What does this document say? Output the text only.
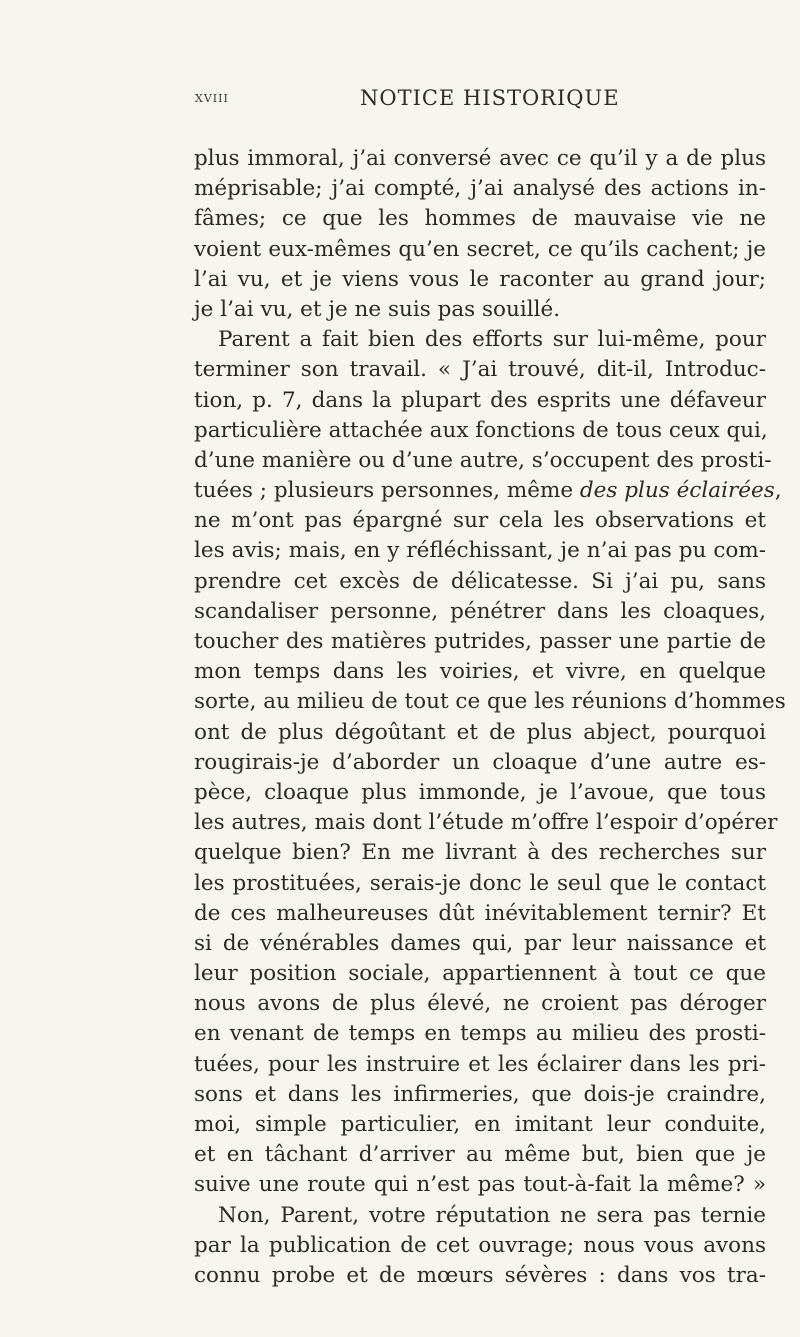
xviii	NOTICE HISTORIQUE
plus immoral, j’ai conversé avec ce qu’il y a de plus
méprisable; j’ai compté, j’ai analysé des actions in-
fâmes; ce que les hommes de mauvaise vie ne
voient eux-mêmes qu’en secret, ce qu’ils cachent; je
l’ai vu, et je viens vous le raconter au grand jour;
je l’ai vu, et je ne suis pas souillé.
Parent a fait bien des efforts sur lui-même, pour
terminer son travail. « J’ai trouvé, dit-il, Introduc-
tion, p. 7, dans la plupart des esprits une défaveur
particulière attachée aux fonctions de tous ceux qui,
d’une manière ou d’une autre, s’occupent des prosti-
tuées ; plusieurs personnes, même des plus éclairées,
ne m’ont pas épargné sur cela les observations et
les avis; mais, en y réfléchissant, je n’ai pas pu com-
prendre cet excès de délicatesse. Si j’ai pu, sans
scandaliser personne, pénétrer dans les cloaques,
toucher des matières putrides, passer une partie de
mon temps dans les voiries, et vivre, en quelque
sorte, au milieu de tout ce que les réunions d’hommes
ont de plus dégoûtant et de plus abject, pourquoi
rougirais-je d’aborder un cloaque d’une autre es-
pèce, cloaque plus immonde, je l’avoue, que tous
les autres, mais dont l’étude m’offre l’espoir d’opérer
quelque bien? En me livrant à des recherches sur
les prostituées, serais-je donc le seul que le contact
de ces malheureuses dût inévitablement ternir? Et
si de vénérables dames qui, par leur naissance et
leur position sociale, appartiennent à tout ce que
nous avons de plus élevé, ne croient pas déroger
en venant de temps en temps au milieu des prosti-
tuées, pour les instruire et les éclairer dans les pri-
sons et dans les infirmeries, que dois-je craindre,
moi, simple particulier, en imitant leur conduite,
et en tâchant d’arriver au même but, bien que je
suive une route qui n’est pas tout-à-fait la même? »
Non, Parent, votre réputation ne sera pas ternie
par la publication de cet ouvrage; nous vous avons
connu probe et de mœurs sévères : dans vos tra-
